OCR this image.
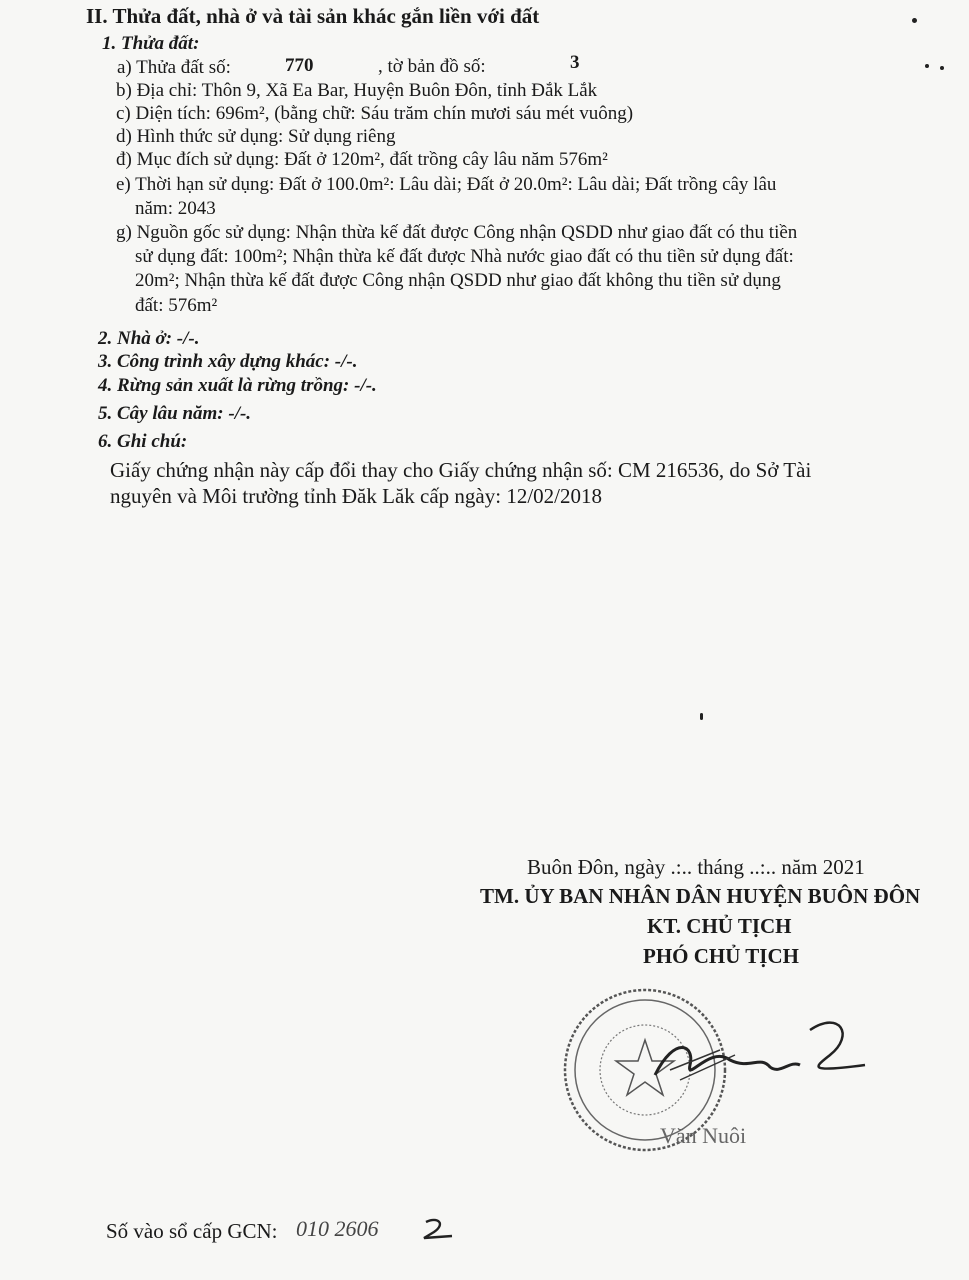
II. Thửa đất, nhà ở và tài sản khác gắn liền với đất
1. Thửa đất:
a) Thửa đất số:	770	, tờ bản đồ số:	3
b) Địa chỉ: Thôn 9, Xã Ea Bar, Huyện Buôn Đôn, tỉnh Đắk Lắk
c) Diện tích: 696m², (bằng chữ: Sáu trăm chín mươi sáu mét vuông)
d) Hình thức sử dụng: Sử dụng riêng
đ) Mục đích sử dụng: Đất ở 120m², đất trồng cây lâu năm 576m²
e) Thời hạn sử dụng: Đất ở 100.0m²: Lâu dài; Đất ở 20.0m²: Lâu dài; Đất trồng cây lâu
năm: 2043
g) Nguồn gốc sử dụng: Nhận thừa kế đất được Công nhận QSDD như giao đất có thu tiền
sử dụng đất: 100m²; Nhận thừa kế đất được Nhà nước giao đất có thu tiền sử dụng đất:
20m²; Nhận thừa kế đất được Công nhận QSDD như giao đất không thu tiền sử dụng
đất: 576m²
2. Nhà ở: -/-.
3. Công trình xây dựng khác: -/-.
4. Rừng sản xuất là rừng trồng: -/-.
5. Cây lâu năm: -/-.
6. Ghi chú:
Giấy chứng nhận này cấp đổi thay cho Giấy chứng nhận số: CM 216536, do Sở Tài
nguyên và Môi trường tỉnh Đăk Lăk cấp ngày: 12/02/2018
Buôn Đôn, ngày .:.. tháng ..:.. năm 2021
TM. ỦY BAN NHÂN DÂN HUYỆN BUÔN ĐÔN
KT. CHỦ TỊCH
PHÓ CHỦ TỊCH
Văn Nuôi
Số vào sổ cấp GCN: 010 2606
